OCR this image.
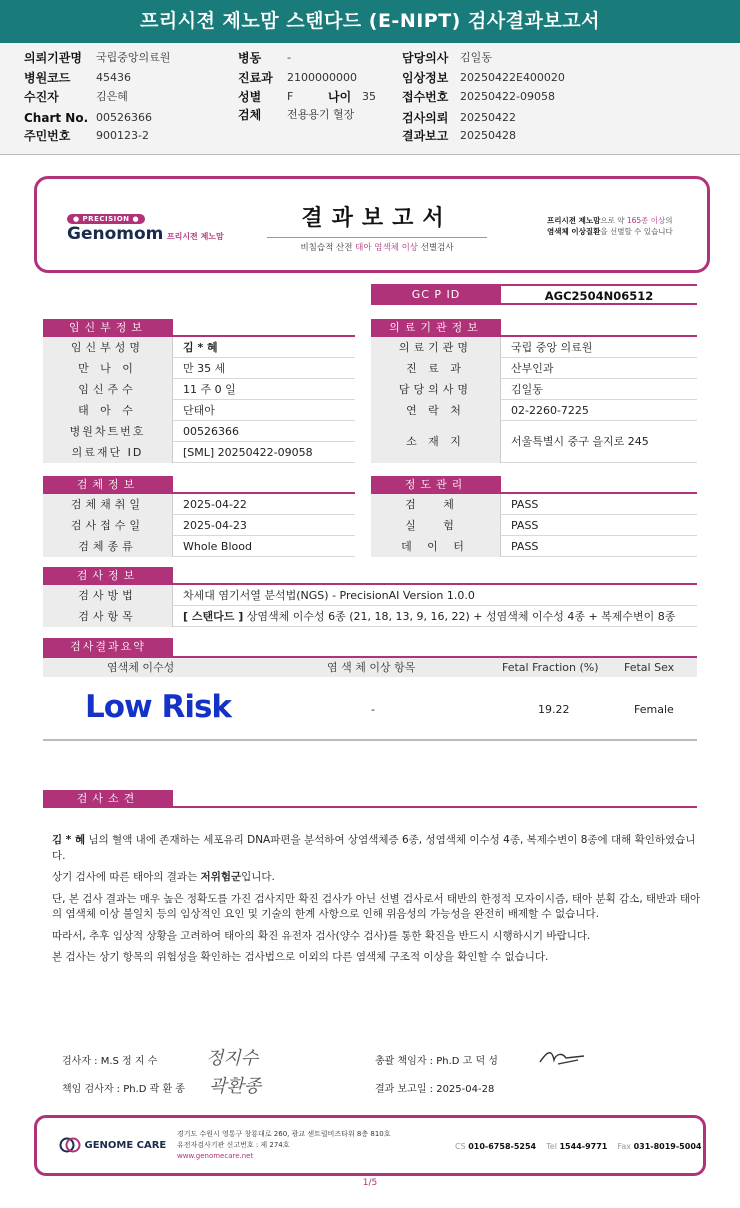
프리시젼 제노맘 스탠다드 (E-NIPT) 검사결과보고서
의뢰기관명 국립중앙의료원
병원코드 45436
수진자	김은혜
Chart No. 00526366
주민번호 900123-2
병동 -
진료과 2100000000
성별 F	나이 35
검체 전용용기 혈장
담당의사 김일동
임상정보 20250422E400020
접수번호 20250422-09058
검사의뢰 20250422
결과보고 20250428
● PRECISION ●
Genomom 프리시젼 제노맘
결과보고서
비침습적 산전 태아 염색체 이상 선별검사
프리시젼 제노맘으로 약 165종 이상의
염색체 이상질환을 선별할 수 있습니다
GC P ID	AGC2504N06512
임신부정보
임신부성명	김 * 혜
만 나 이	만 35 세
임신주수	11 주 0 일
태 아 수	단태아
병원차트번호	00526366
의료재단 ID	[SML] 20250422-09058
의료기관정보
의료기관명	국립 중앙 의료원
진 료 과	산부인과
담당의사명	김일동
연 락 처	02-2260-7225
소 재 지	서울특별시 중구 을지로 245
검체정보
검체채취일	2025-04-22
검사접수일	2025-04-23
검체종류	Whole Blood
정도관리
검 체	PASS
실 험	PASS
데 이 터	PASS
검사정보
검사방법	차세대 염기서열 분석법(NGS) - PrecisionAI Version 1.0.0
검사항목	[ 스탠다드 ] 상염색체 이수성 6종 (21, 18, 13, 9, 16, 22) + 성염색체 이수성 4종 + 복제수변이 8종
검사결과요약
염색체 이수성	염 색 체 이상 항목	Fetal Fraction (%) Fetal Sex
Low Risk	-	19.22	Female
검사소견

김 * 혜 님의 혈액 내에 존재하는 세포유리 DNA파편을 분석하여 상염색체증 6종, 성염색체 이수성 4종, 복제수변이 8종에 대해 확인하였습니다.

상기 검사에 따른 태아의 결과는 저위험군입니다.

단, 본 검사 결과는 매우 높은 정확도를 가진 검사지만 확진 검사가 아닌 선별 검사로서 태반의 한정적 모자이시즘, 태아 분획 감소, 태반과 태아의 염색체 이상 불일치 등의 임상적인 요인 및 기술의 한계 사항으로 인해 위음성의 가능성을 완전히 배제할 수 없습니다.

따라서, 추후 임상적 상황을 고려하여 태아의 확진 유전자 검사(양수 검사)를 통한 확진을 반드시 시행하시기 바랍니다.

본 검사는 상기 항목의 위험성을 확인하는 검사법으로 이외의 다른 염색체 구조적 이상을 확인할 수 없습니다.

검사자 : M.S 정 지 수	정지수
책임 검사자 : Ph.D 곽 환 종 곽환종
총괄 책임자 : Ph.D 고 덕 성
결과 보고일 : 2025-04-28
GENOME CARE
경기도 수원시 영통구 창룡대로 260, 광교 센트럴비즈타워 8층 810호
유전자검사기관 신고번호 : 제 274호
www.genomecare.net
CS 010-6758-5254 Tel 1544-9771 Fax 031-8019-5004
1/5
